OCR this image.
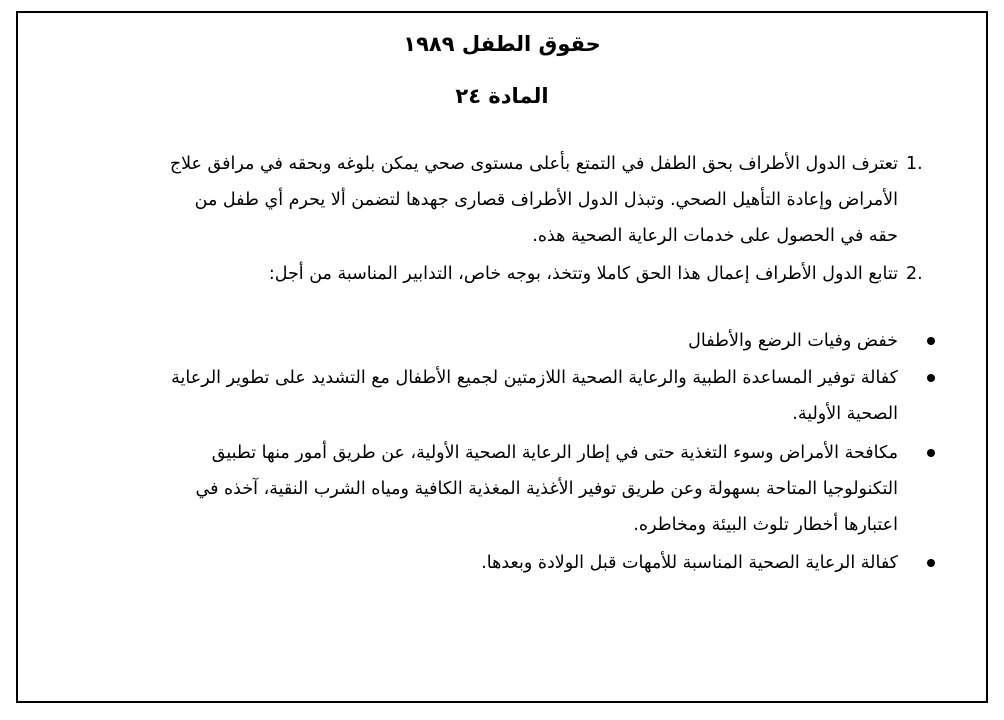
حقوق الطفل ١٩٨٩
المادة ٢٤
1.
تعترف الدول الأطراف بحق الطفل في التمتع بأعلى مستوى صحي يمكن بلوغه وبحقه في مرافق علاج
الأمراض وإعادة التأهيل الصحي. وتبذل الدول الأطراف قصارى جهدها لتضمن ألا يحرم أي طفل من
حقه في الحصول على خدمات الرعاية الصحية هذه.
2.
تتابع الدول الأطراف إعمال هذا الحق كاملا وتتخذ، بوجه خاص، التدابير المناسبة من أجل:
خفض وفيات الرضع والأطفال
كفالة توفير المساعدة الطبية والرعاية الصحية اللازمتين لجميع الأطفال مع التشديد على تطوير الرعاية
الصحية الأولية.
مكافحة الأمراض وسوء التغذية حتى في إطار الرعاية الصحية الأولية، عن طريق أمور منها تطبيق
التكنولوجيا المتاحة بسهولة وعن طريق توفير الأغذية المغذية الكافية ومياه الشرب النقية، آخذه في
اعتبارها أخطار تلوث البيئة ومخاطره.
كفالة الرعاية الصحية المناسبة للأمهات قبل الولادة وبعدها.
